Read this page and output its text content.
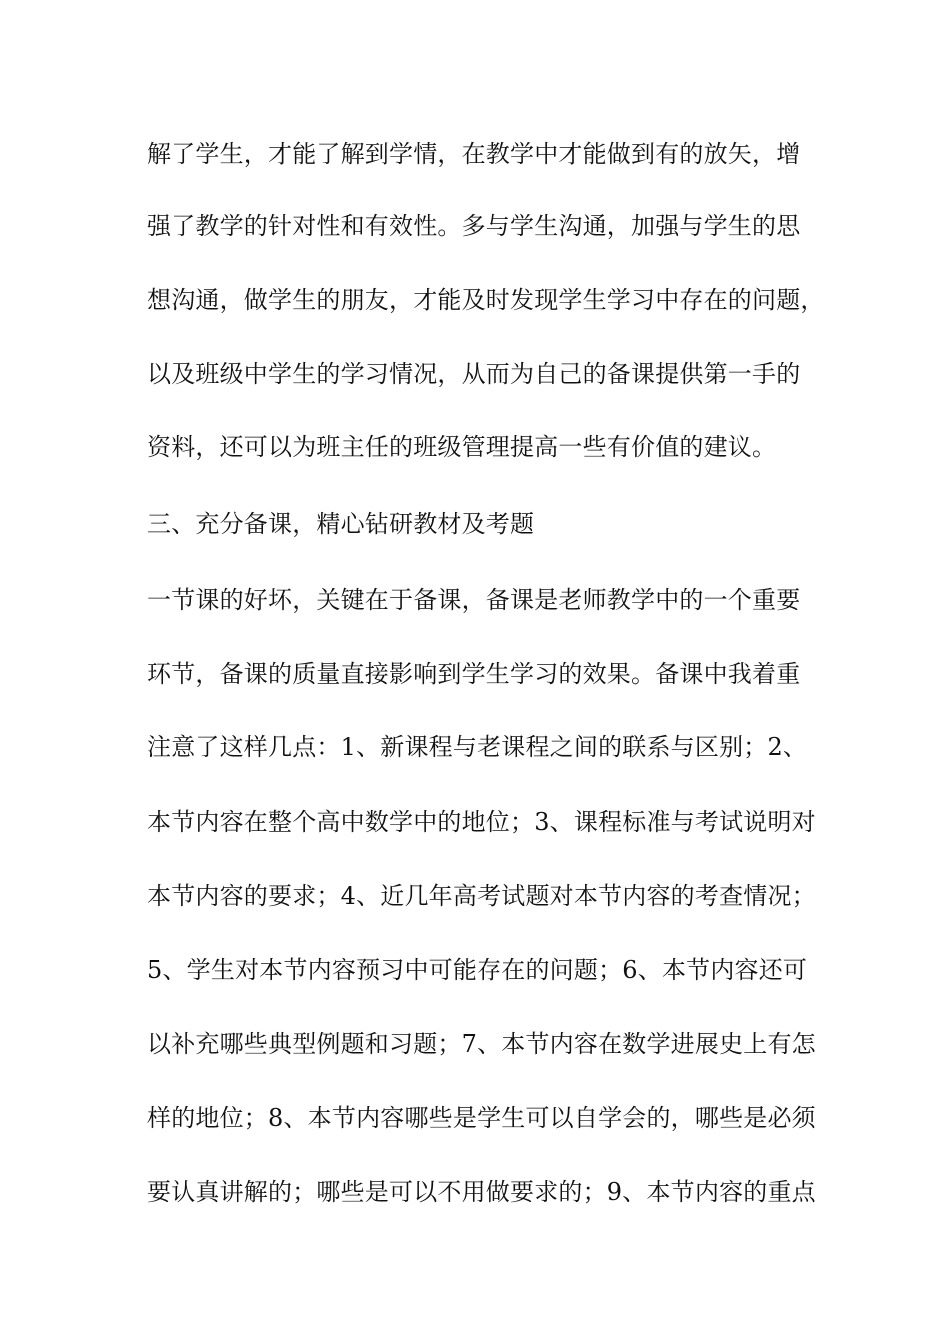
解了学生，才能了解到学情，在教学中才能做到有的放矢，增
强了教学的针对性和有效性。多与学生沟通，加强与学生的思
想沟通，做学生的朋友，才能及时发现学生学习中存在的问题，
以及班级中学生的学习情况，从而为自己的备课提供第一手的
资料，还可以为班主任的班级管理提高一些有价值的建议。
三、充分备课，精心钻研教材及考题
一节课的好坏，关键在于备课，备课是老师教学中的一个重要
环节，备课的质量直接影响到学生学习的效果。备课中我着重
注意了这样几点：1、新课程与老课程之间的联系与区别；2、
本节内容在整个高中数学中的地位；3、课程标准与考试说明对
本节内容的要求；4、近几年高考试题对本节内容的考查情况；
5、学生对本节内容预习中可能存在的问题；6、本节内容还可
以补充哪些典型例题和习题；7、本节内容在数学进展史上有怎
样的地位；8、本节内容哪些是学生可以自学会的，哪些是必须
要认真讲解的；哪些是可以不用做要求的；9、本节内容的重点
